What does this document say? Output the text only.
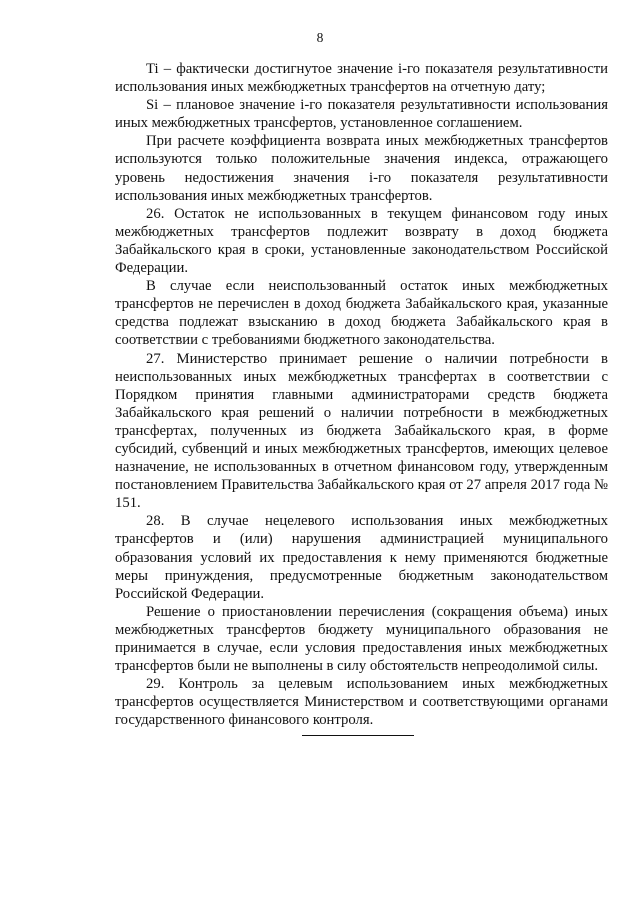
8

Ti – фактически достигнутое значение i-го показателя результативности использования иных межбюджетных трансфертов на отчетную дату;

Si – плановое значение i-го показателя результативности использования иных межбюджетных трансфертов, установленное соглашением.

При расчете коэффициента возврата иных межбюджетных трансфертов используются только положительные значения индекса, отражающего уровень недостижения значения i-го показателя результативности использования иных межбюджетных трансфертов.

26. Остаток не использованных в текущем финансовом году иных межбюджетных трансфертов подлежит возврату в доход бюджета Забайкальского края в сроки, установленные законодательством Российской Федерации.

В случае если неиспользованный остаток иных межбюджетных трансфертов не перечислен в доход бюджета Забайкальского края, указанные средства подлежат взысканию в доход бюджета Забайкальского края в соответствии с требованиями бюджетного законодательства.

27. Министерство принимает решение о наличии потребности в неиспользованных иных межбюджетных трансфертах в соответствии с Порядком принятия главными администраторами средств бюджета Забайкальского края решений о наличии потребности в межбюджетных трансфертах, полученных из бюджета Забайкальского края, в форме субсидий, субвенций и иных межбюджетных трансфертов, имеющих целевое назначение, не использованных в отчетном финансовом году, утвержденным постановлением Правительства Забайкальского края от 27 апреля 2017 года № 151.

28. В случае нецелевого использования иных межбюджетных трансфертов и (или) нарушения администрацией муниципального образования условий их предоставления к нему применяются бюджетные меры принуждения, предусмотренные бюджетным законодательством Российской Федерации.

Решение о приостановлении перечисления (сокращения объема) иных межбюджетных трансфертов бюджету муниципального образования не принимается в случае, если условия предоставления иных межбюджетных трансфертов были не выполнены в силу обстоятельств непреодолимой силы.

29. Контроль за целевым использованием иных межбюджетных трансфертов осуществляется Министерством и соответствующими органами государственного финансового контроля.
